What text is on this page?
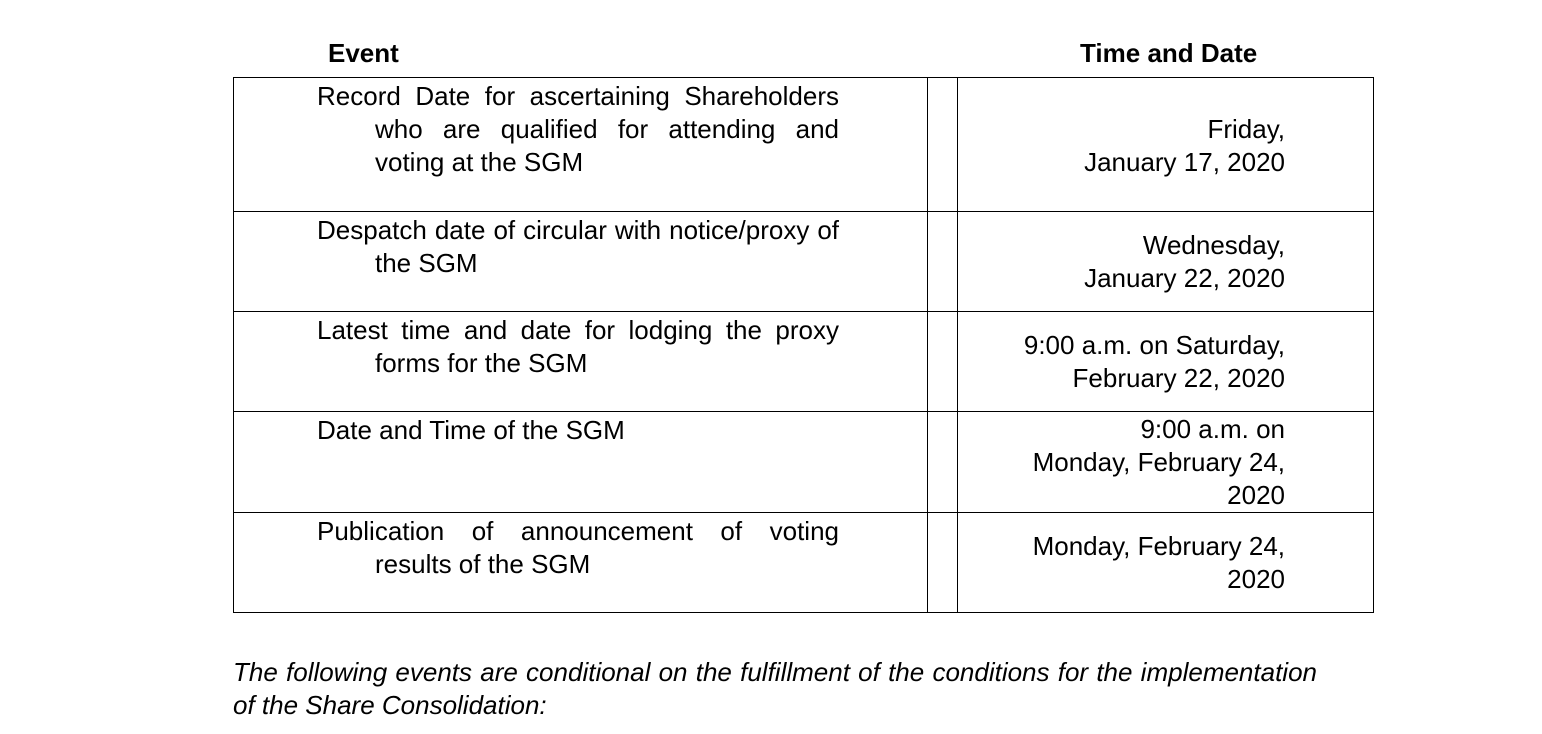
Event	Time and Date
Record Date for ascertaining Shareholders who are qualified for attending and voting at the SGM		Friday,
January 17, 2020

Despatch date of circular with notice/proxy of the SGM		Wednesday,
January 22, 2020

Latest time and date for lodging the proxy forms for the SGM		9:00 a.m. on Saturday,
February 22, 2020

Date and Time of the SGM		9:00 a.m. on
Monday, February 24,
2020

Publication of announcement of voting results of the SGM		Monday, February 24,
2020
The following events are conditional on the fulfillment of the conditions for the implementation of the Share Consolidation:
